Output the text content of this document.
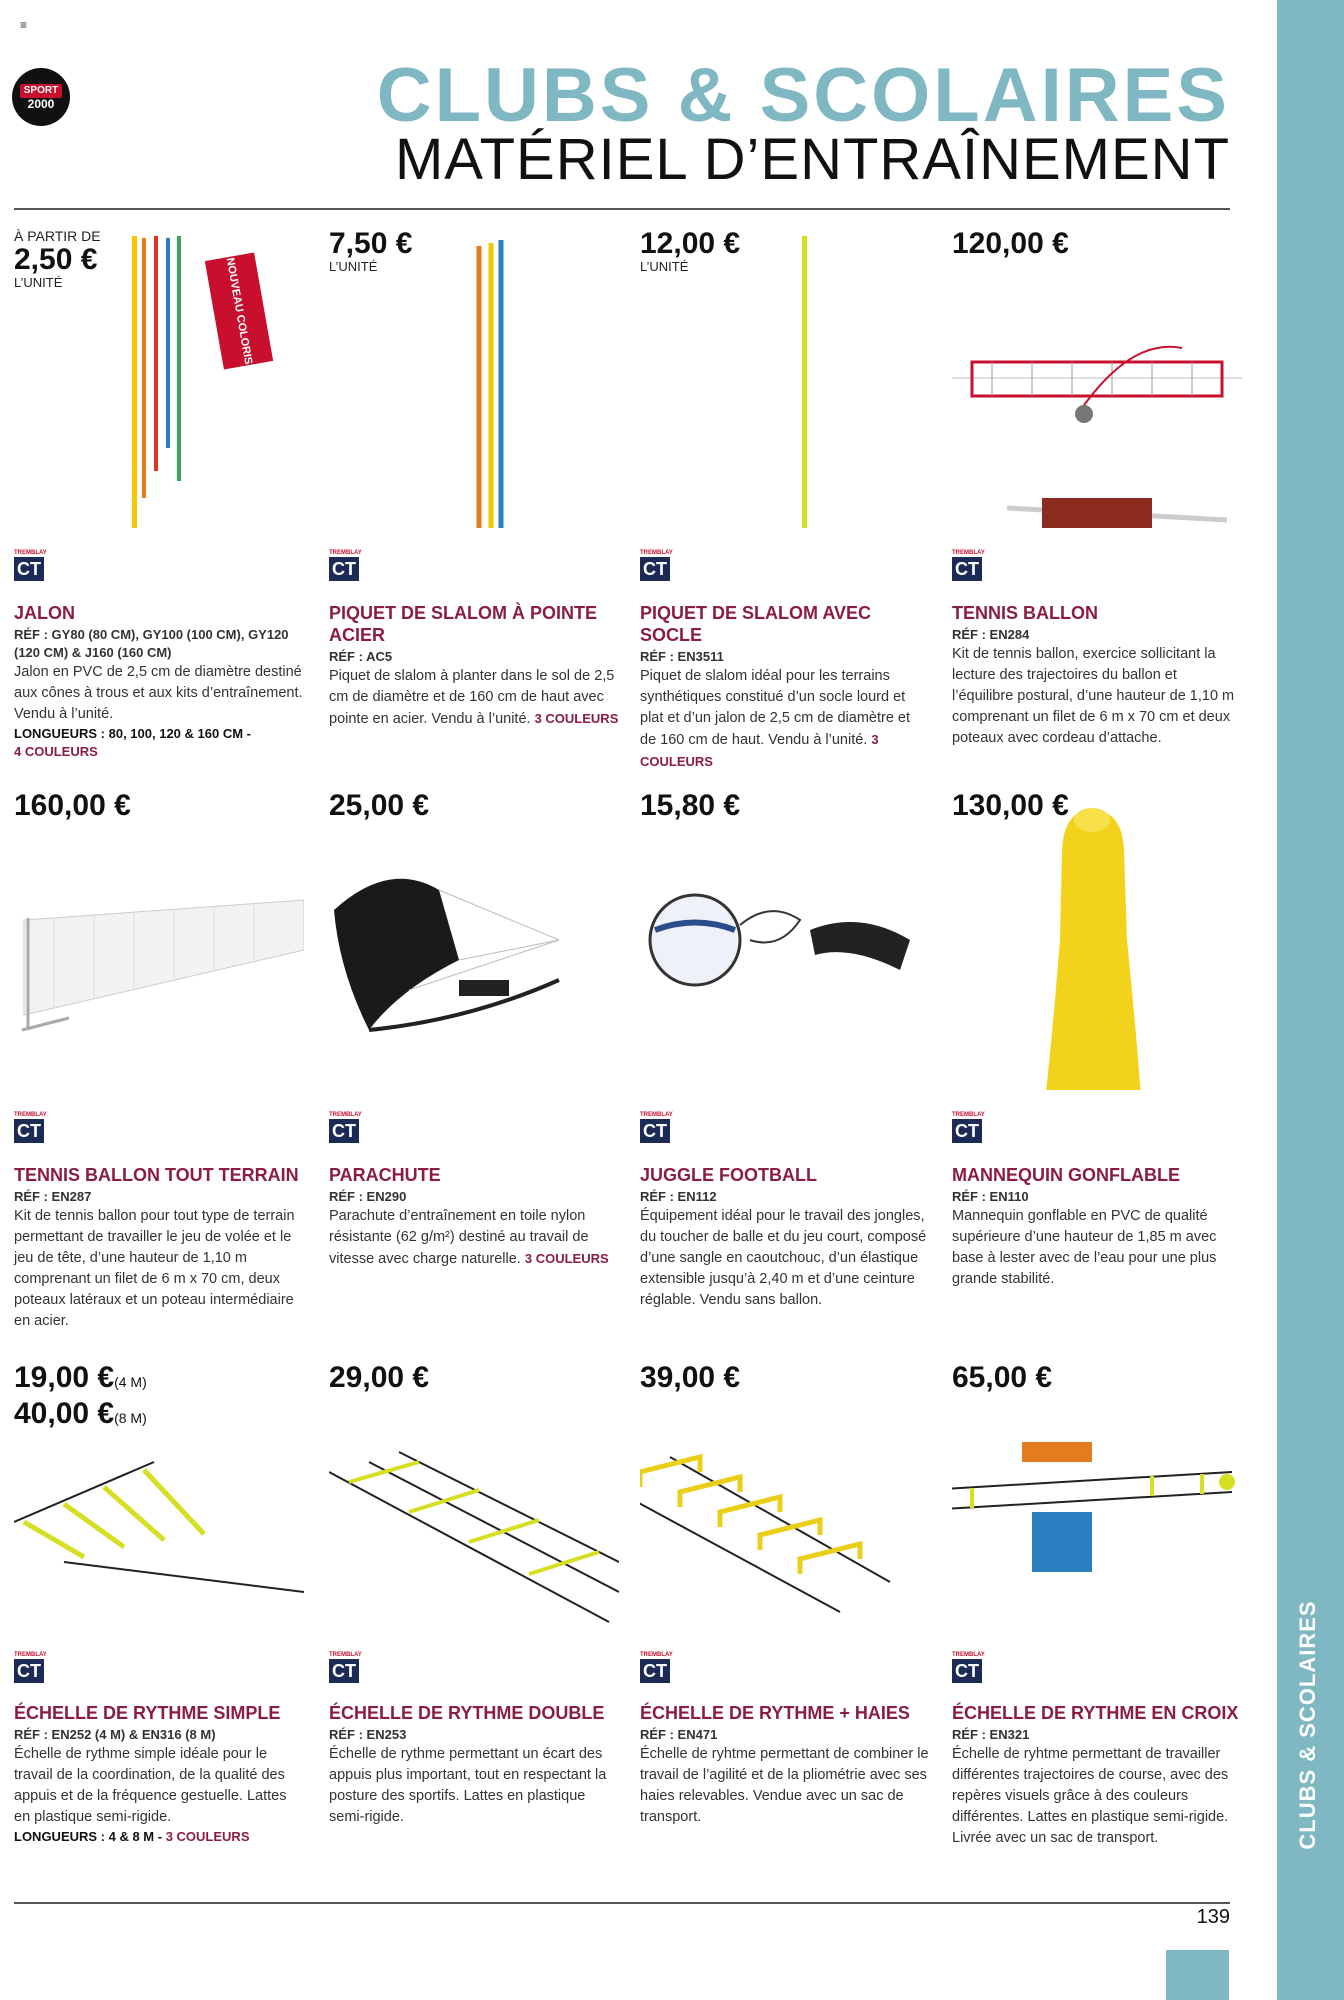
≡
SPORT
2000	CLUBS & SCOLAIRES
MATÉRIEL D’ENTRAÎNEMENT
CLUBS & SCOLAIRES
139
À PARTIR DE
2,50 €
L’UNITÉ	NOUVEAU COLORIS
TREMBLAY
CT
JALON
RÉF : GY80 (80 CM), GY100 (100 CM), GY120 (120 CM) & J160 (160 CM)
Jalon en PVC de 2,5 cm de diamètre destiné aux cônes à trous et aux kits d’entraînement. Vendu à l’unité.
LONGUEURS : 80, 100, 120 & 160 CM -
4 COULEURS
7,50 €
L’UNITÉ
TREMBLAY
CT
PIQUET DE SLALOM À POINTE ACIER
RÉF : AC5
Piquet de slalom à planter dans le sol de 2,5 cm de diamètre et de 160 cm de haut avec pointe en acier. Vendu à l’unité. 3 COULEURS
12,00 €
L’UNITÉ
TREMBLAY
CT
PIQUET DE SLALOM AVEC SOCLE
RÉF : EN3511
Piquet de slalom idéal pour les terrains synthétiques constitué d’un socle lourd et plat et d’un jalon de 2,5 cm de diamètre et de 160 cm de haut. Vendu à l’unité. 3 COULEURS
120,00 €
TREMBLAY
CT
TENNIS BALLON
RÉF : EN284
Kit de tennis ballon, exercice sollicitant la lecture des trajectoires du ballon et l’équilibre postural, d’une hauteur de 1,10 m comprenant un filet de 6 m x 70 cm et deux poteaux avec cordeau d’attache.
160,00 €
TREMBLAY
CT
TENNIS BALLON TOUT TERRAIN
RÉF : EN287
Kit de tennis ballon pour tout type de terrain permettant de travailler le jeu de volée et le jeu de tête, d’une hauteur de 1,10 m comprenant un filet de 6 m x 70 cm, deux poteaux latéraux et un poteau intermédiaire en acier.
25,00 €
TREMBLAY
CT
PARACHUTE
RÉF : EN290
Parachute d’entraînement en toile nylon résistante (62 g/m²) destiné au travail de vitesse avec charge naturelle. 3 COULEURS
15,80 €
TREMBLAY
CT
JUGGLE FOOTBALL
RÉF : EN112
Équipement idéal pour le travail des jongles, du toucher de balle et du jeu court, composé d’une sangle en caoutchouc, d’un élastique extensible jusqu’à 2,40 m et d’une ceinture réglable. Vendu sans ballon.
130,00 €
TREMBLAY
CT
MANNEQUIN GONFLABLE
RÉF : EN110
Mannequin gonflable en PVC de qualité supérieure d’une hauteur de 1,85 m avec base à lester avec de l’eau pour une plus grande stabilité.
19,00 €(4 M)
40,00 €(8 M)
TREMBLAY
CT
ÉCHELLE DE RYTHME SIMPLE
RÉF : EN252 (4 M) & EN316 (8 M)
Échelle de rythme simple idéale pour le travail de la coordination, de la qualité des appuis et de la fréquence gestuelle. Lattes en plastique semi-rigide.
LONGUEURS : 4 & 8 M - 3 COULEURS
29,00 €
TREMBLAY
CT
ÉCHELLE DE RYTHME DOUBLE
RÉF : EN253
Échelle de rythme permettant un écart des appuis plus important, tout en respectant la posture des sportifs. Lattes en plastique semi-rigide.
39,00 €
TREMBLAY
CT
ÉCHELLE DE RYTHME + HAIES
RÉF : EN471
Échelle de ryhtme permettant de combiner le travail de l’agilité et de la pliométrie avec ses haies relevables. Vendue avec un sac de transport.
65,00 €
TREMBLAY
CT
ÉCHELLE DE RYTHME EN CROIX
RÉF : EN321
Échelle de ryhtme permettant de travailler différentes trajectoires de course, avec des repères visuels grâce à des couleurs différentes. Lattes en plastique semi-rigide. Livrée avec un sac de transport.
